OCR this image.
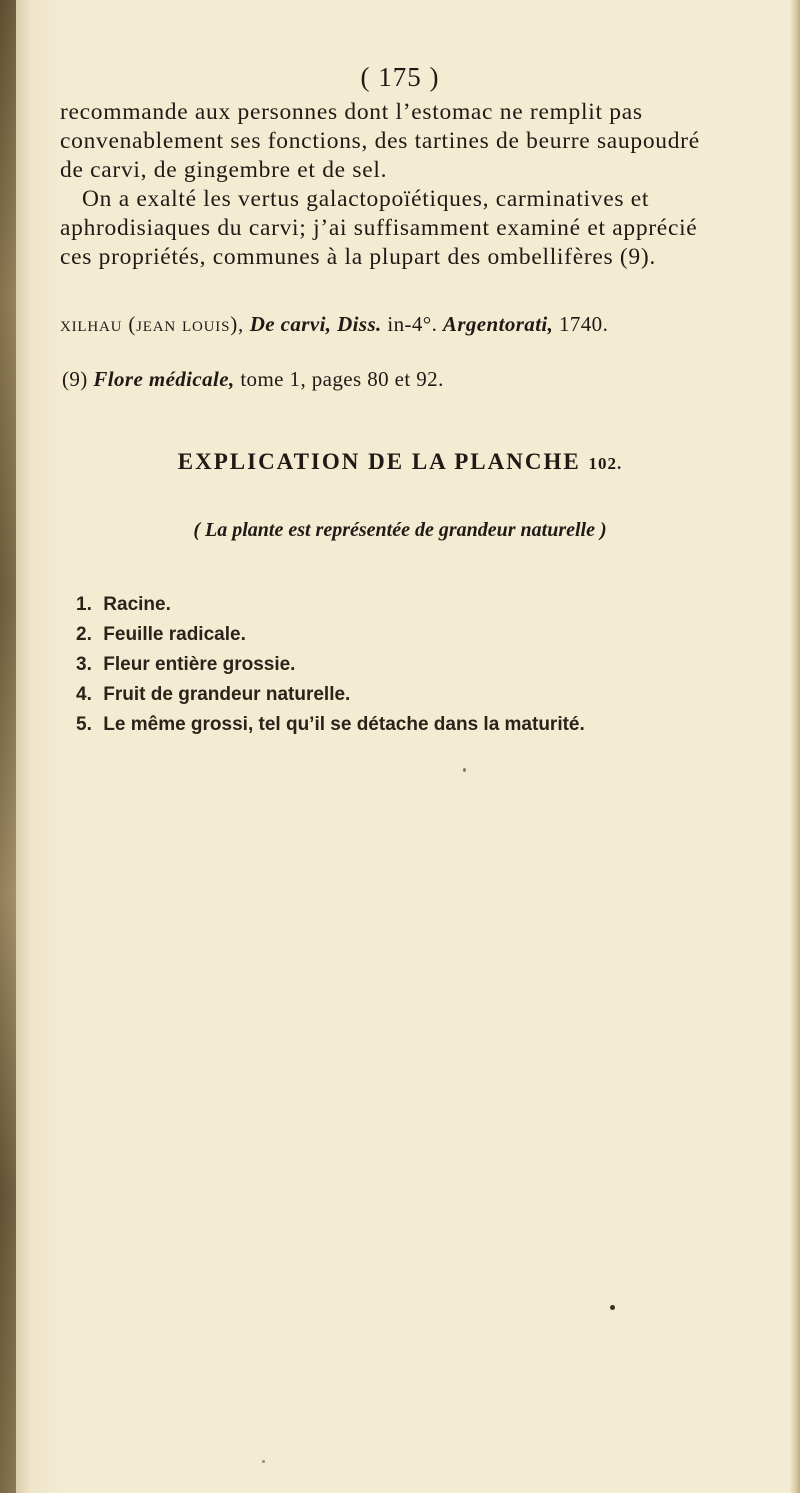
( 175 )
recommande aux personnes dont l’estomac ne remplit pas
convenablement ses fonctions, des tartines de beurre saupoudré
de carvi, de gingembre et de sel.
On a exalté les vertus galactopoïétiques, carminatives et
aphrodisiaques du carvi; j’ai suffisamment examiné et apprécié
ces propriétés, communes à la plupart des ombellifères (9).
xilhau (jean louis), De carvi, Diss. in-4°. Argentorati, 1740.
(9) Flore médicale, tome 1, pages 80 et 92.
EXPLICATION DE LA PLANCHE 102.
( La plante est représentée de grandeur naturelle )
1. Racine.
2. Feuille radicale.
3. Fleur entière grossie.
4. Fruit de grandeur naturelle.
5. Le même grossi, tel qu’il se détache dans la maturité.
